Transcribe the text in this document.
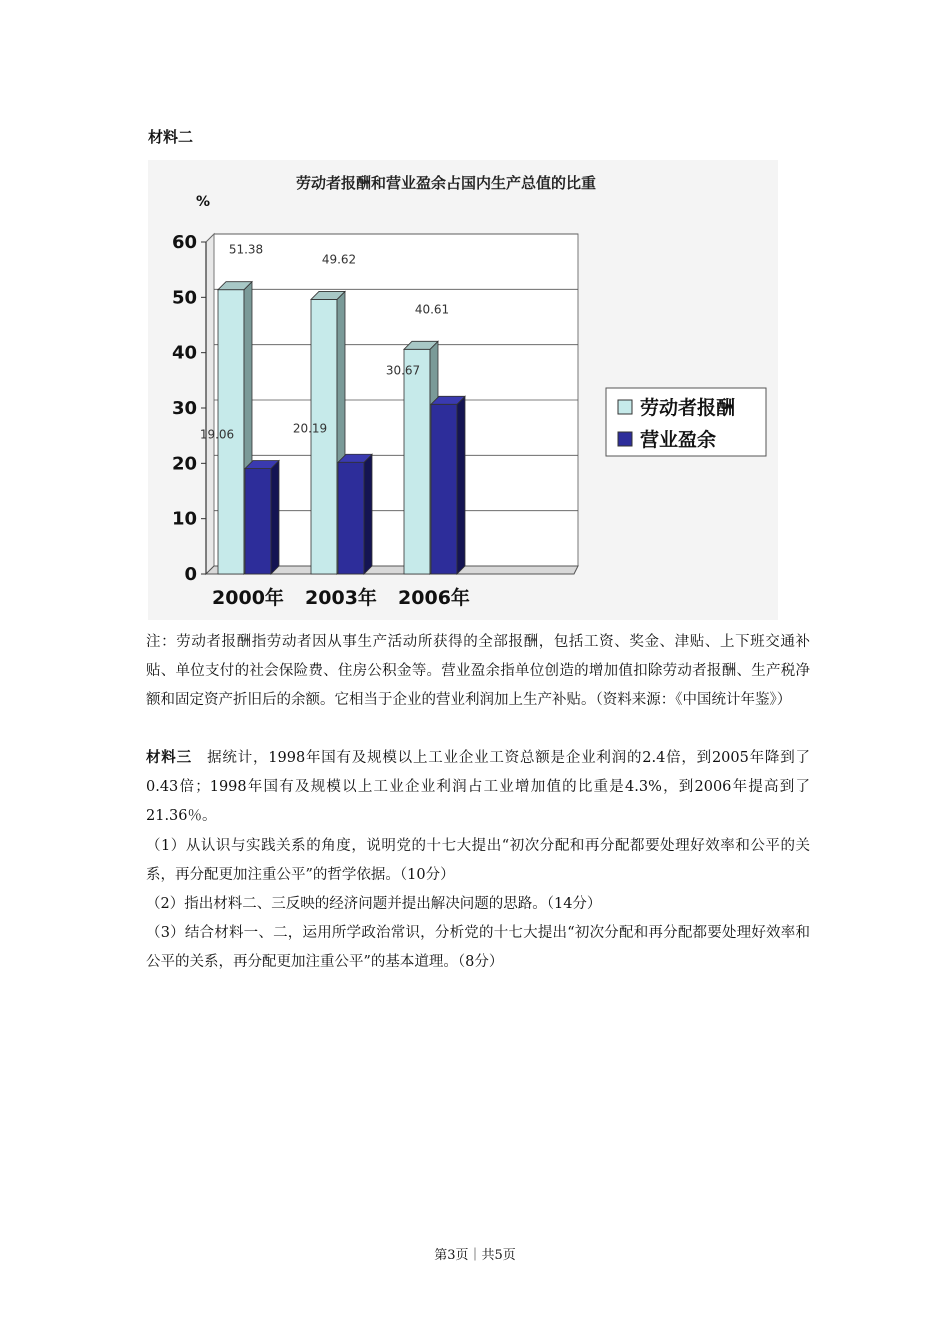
材料二
劳动者报酬和营业盈余占国内生产总值的比重
%
0
10
20
30
40
50
60	51.38
19.06
2000年
49.62
20.19
2003年
40.61
30.67
2006年
劳动者报酬
营业盈余

注：劳动者报酬指劳动者因从事生产活动所获得的全部报酬，包括工资、奖金、津贴、上下班交通补贴、单位支付的社会保险费、住房公积金等。营业盈余指单位创造的增加值扣除劳动者报酬、生产税净额和固定资产折旧后的余额。它相当于企业的营业利润加上生产补贴。（资料来源：《中国统计年鉴》）

材料三　据统计，1998年国有及规模以上工业企业工资总额是企业利润的2.4倍，到2005年降到了0.43倍；1998年国有及规模以上工业企业利润占工业增加值的比重是4.3%，到2006年提高到了21.36％。

（1）从认识与实践关系的角度，说明党的十七大提出“初次分配和再分配都要处理好效率和公平的关系，再分配更加注重公平”的哲学依据。（10分）

（2）指出材料二、三反映的经济问题并提出解决问题的思路。（14分）

（3）结合材料一、二，运用所学政治常识，分析党的十七大提出“初次分配和再分配都要处理好效率和公平的关系，再分配更加注重公平”的基本道理。（8分）

第3页｜共5页
